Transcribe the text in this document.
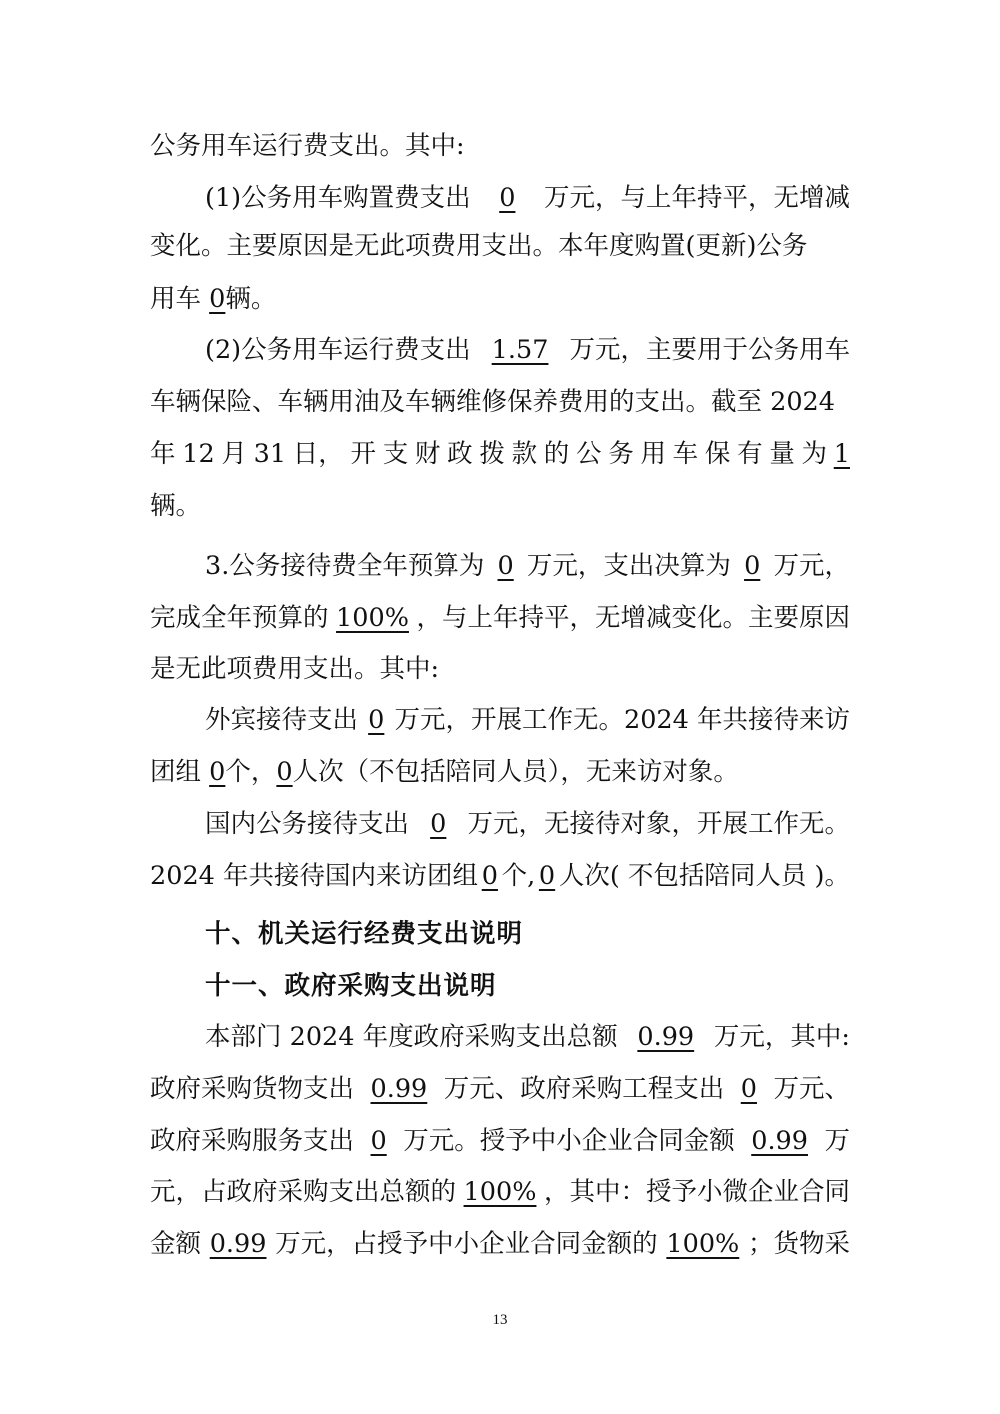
公务用车运行费支出。其中:
(1)公务用车购置费支出 0 万元，与上年持平，无增减
变化。主要原因是无此项费用支出。本年度购置(更新)公务
用车 0辆。
(2)公务用车运行费支出 1.57 万元，主要用于公务用车
车辆保险、车辆用油及车辆维修保养费用的支出。截至 2024
年 12 月 31 日， 开 支 财 政 拨 款 的 公 务 用 车 保 有 量 为 1
辆。
3.公务接待费全年预算为 0 万元，支出决算为 0 万元，
完成全年预算的 100% ，与上年持平，无增减变化。主要原因
是无此项费用支出。其中:
外宾接待支出 0 万元，开展工作无。2024 年共接待来访
团组 0个，0人次（不包括陪同人员），无来访对象。
国内公务接待支出 0 万元，无接待对象，开展工作无。
2024 年共接待国内来访团组 0 个, 0 人次( 不包括陪同人员 )。
十、机关运行经费支出说明
十一、政府采购支出说明
本部门 2024 年度政府采购支出总额 0.99 万元，其中:
政府采购货物支出 0.99 万元、政府采购工程支出 0 万元、
政府采购服务支出 0 万元。授予中小企业合同金额 0.99 万
元，占政府采购支出总额的 100% ，其中：授予小微企业合同
金额 0.99 万元，占授予中小企业合同金额的 100% ；货物采
13
